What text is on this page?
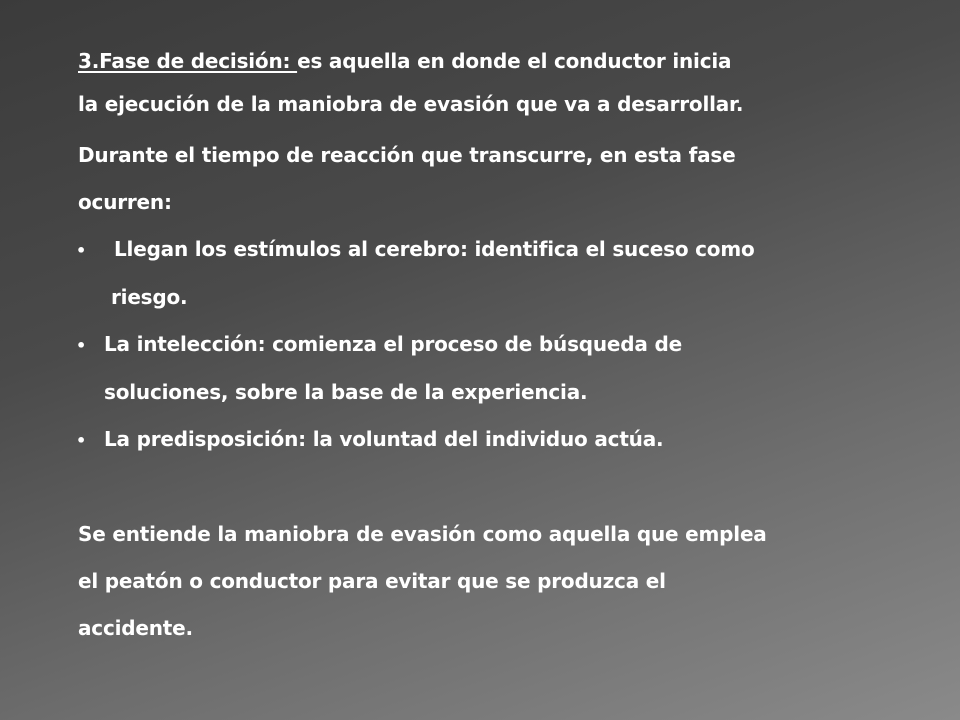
3.Fase de decisión: es aquella en donde el conductor inicia
la ejecución de la maniobra de evasión que va a desarrollar.
Durante el tiempo de reacción que transcurre, en esta fase
ocurren:
•	Llegan los estímulos al cerebro: identifica el suceso como
riesgo.
• La intelección: comienza el proceso de búsqueda de
soluciones, sobre la base de la experiencia.
• La predisposición: la voluntad del individuo actúa.
Se entiende la maniobra de evasión como aquella que emplea
el peatón o conductor para evitar que se produzca el
accidente.
